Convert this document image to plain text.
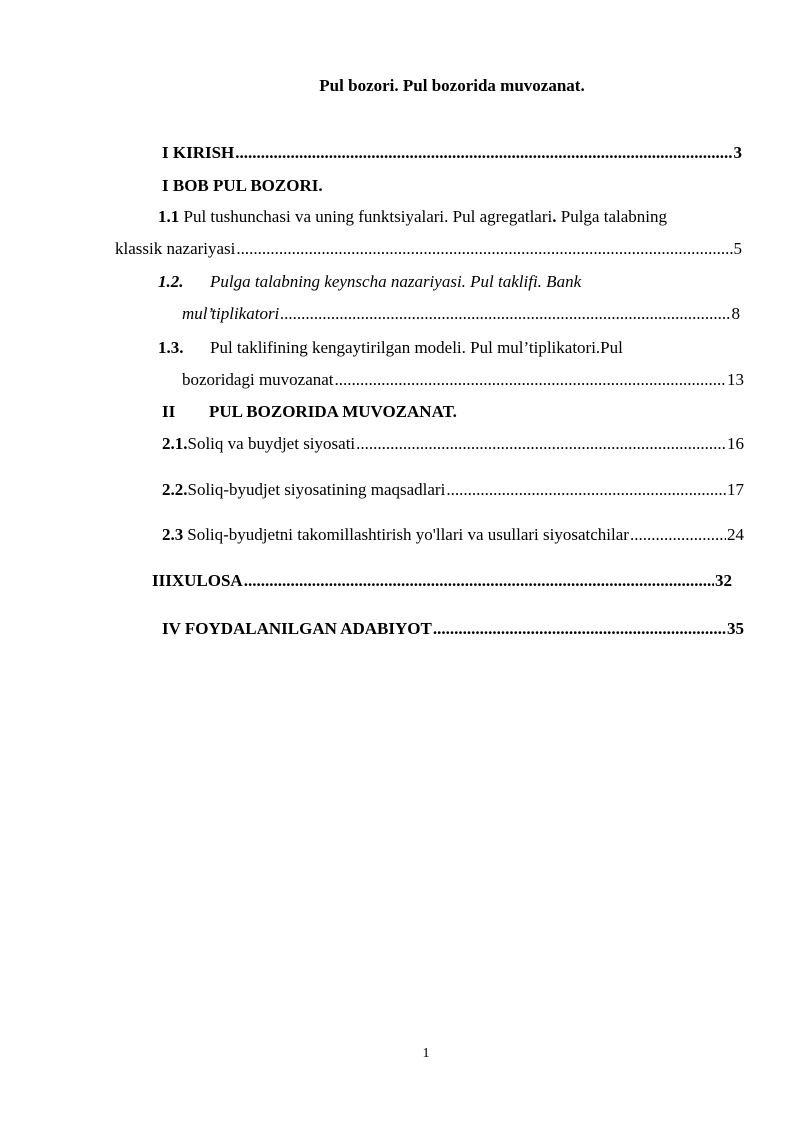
Pul bozori. Pul bozorida muvozanat.
I KIRISH .....	3
I BOB PUL BOZORI.
1.1 Pul tushunchasi va uning funktsiyalari. Pul agregatlari. Pulga talabning
klassik nazariyasi .....	5
1.2. Pulga talabning keynscha nazariyasi. Pul taklifi. Bank
mul’tiplikatori .....	8
1.3. Pul taklifining kengaytirilgan modeli. Pul mul’tiplikatori.Pul
bozoridagi muvozanat .....	13
II PUL BOZORIDA MUVOZANAT.
2.1. Soliq va buydjet siyosati .....	16
2.2. Soliq-byudjet siyosatining maqsadlari .....	17
2.3 Soliq-byudjetni takomillashtirish yo'llari va usullari siyosatchilar .....	24
III XULOSA .....	32
IV FOYDALANILGAN ADABIYOT .....	35
1
